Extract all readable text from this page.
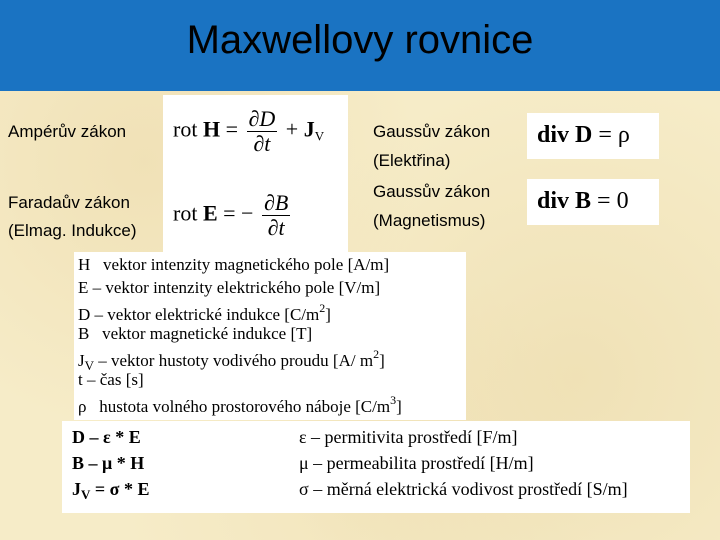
Maxwellovy rovnice
Ampérův zákon
Faradaův zákon
(Elmag. Indukce)
Gaussův zákon
(Elektřina)
Gaussův zákon
(Magnetismus)
rot $H = \frac{\partial D}{\partial t} + J_V$
rot E = − $\frac{\partial B}{\partial t}$
div D = ρ
div B = 0
H vektor intenzity magnetického pole [A/m]
E – vektor intenzity elektrického pole [V/m]
D – vektor elektrické indukce $[C/m^2]$
B vektor magnetické indukce [T]
$J_V$ – vektor hustoty vodivého proudu [A/ $m^2$]
t – čas [s]
ρ hustota volného prostorového náboje $[C/m^3]$
D – ε * E	ε – permitivita prostředí [F/m]
B – μ * H	μ – permeabilita prostředí [H/m]
$J_V = \sigma * E$	σ – měrná elektrická vodivost prostředí [S/m]
